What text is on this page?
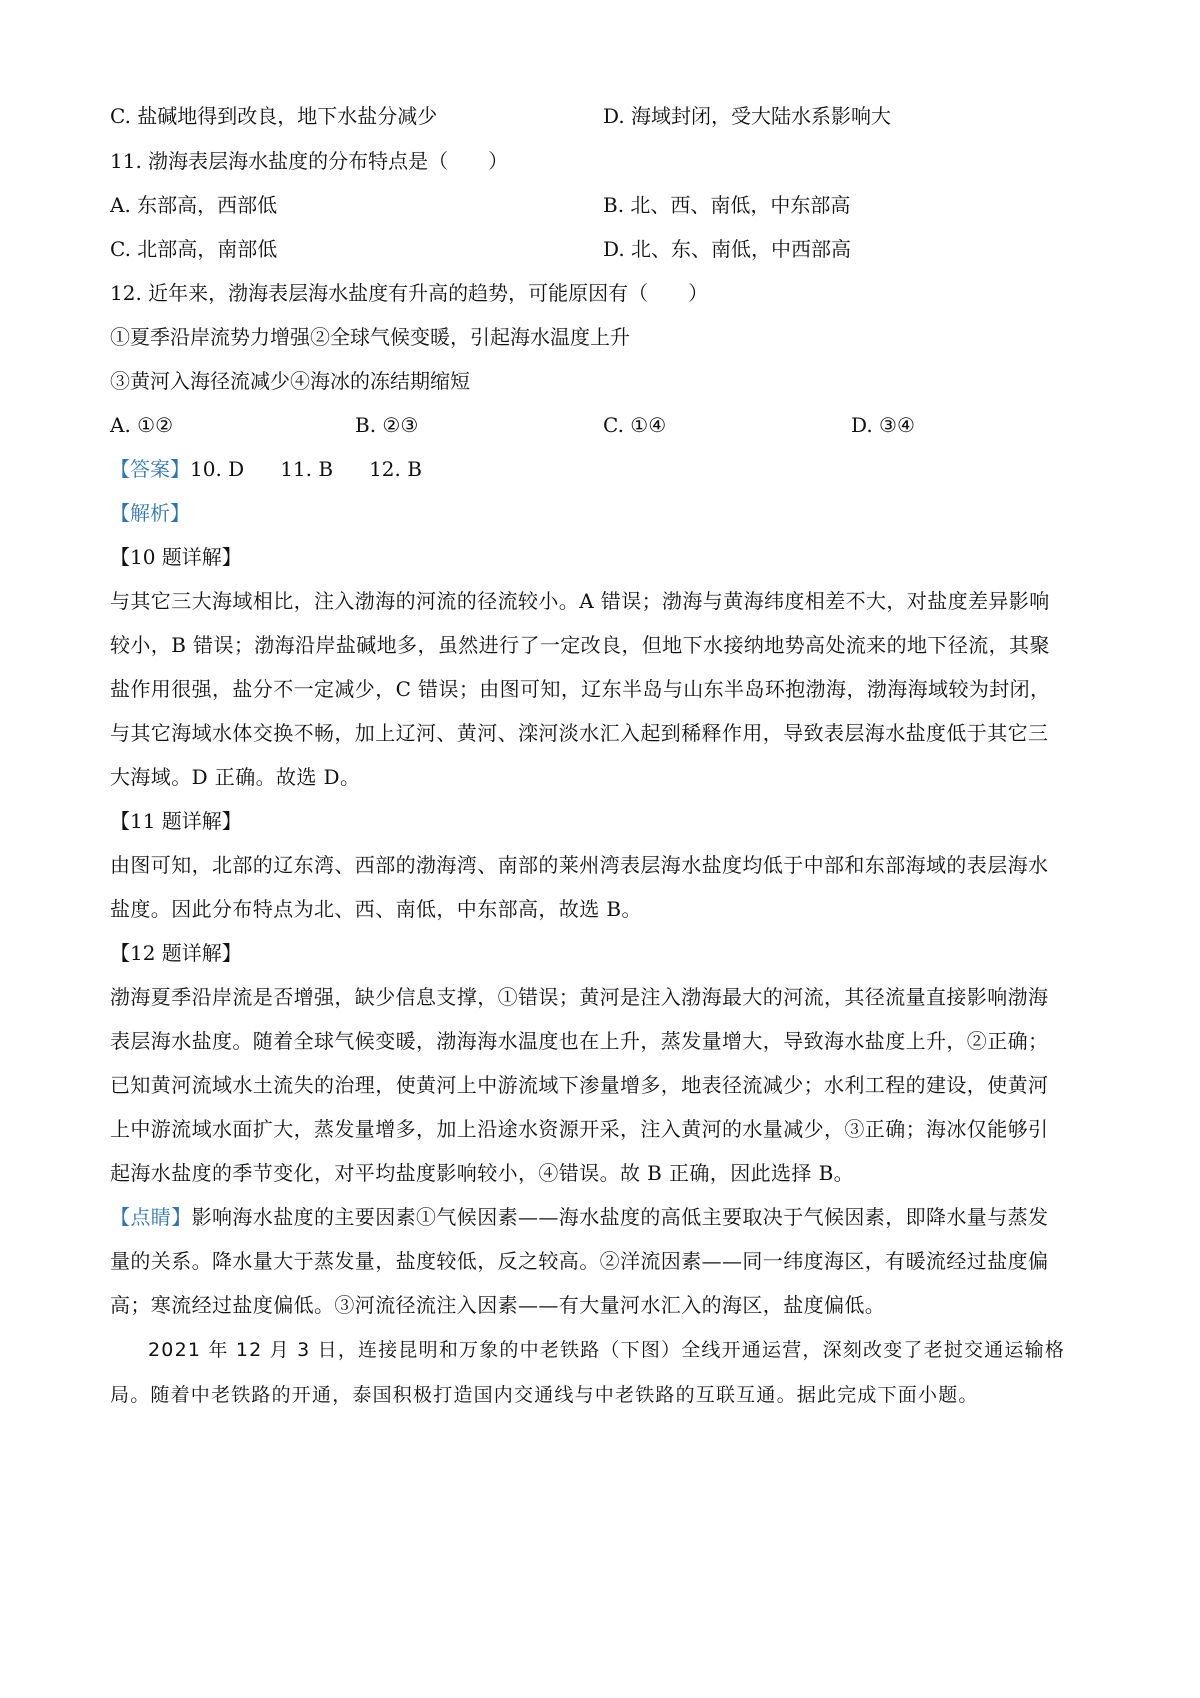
C. 盐碱地得到改良，地下水盐分减少	D. 海域封闭，受大陆水系影响大
11. 渤海表层海水盐度的分布特点是（　　）
A. 东部高，西部低	B. 北、西、南低，中东部高
C. 北部高，南部低	D. 北、东、南低，中西部高
12. 近年来，渤海表层海水盐度有升高的趋势，可能原因有（　　）
①夏季沿岸流势力增强②全球气候变暖，引起海水温度上升
③黄河入海径流减少④海冰的冻结期缩短
A. ①②	B. ②③	C. ①④	D. ③④
【答案】10. D 11. B 12. B
【解析】
【10 题详解】
与其它三大海域相比，注入渤海的河流的径流较小。A 错误；渤海与黄海纬度相差不大，对盐度差异影响
较小，B 错误；渤海沿岸盐碱地多，虽然进行了一定改良，但地下水接纳地势高处流来的地下径流，其聚
盐作用很强，盐分不一定减少，C 错误；由图可知，辽东半岛与山东半岛环抱渤海，渤海海域较为封闭，
与其它海域水体交换不畅，加上辽河、黄河、滦河淡水汇入起到稀释作用，导致表层海水盐度低于其它三
大海域。D 正确。故选 D。
【11 题详解】
由图可知，北部的辽东湾、西部的渤海湾、南部的莱州湾表层海水盐度均低于中部和东部海域的表层海水
盐度。因此分布特点为北、西、南低，中东部高，故选 B。
【12 题详解】
渤海夏季沿岸流是否增强，缺少信息支撑，①错误；黄河是注入渤海最大的河流，其径流量直接影响渤海
表层海水盐度。随着全球气候变暖，渤海海水温度也在上升，蒸发量增大，导致海水盐度上升，②正确；
已知黄河流域水土流失的治理，使黄河上中游流域下渗量增多，地表径流减少；水利工程的建设，使黄河
上中游流域水面扩大，蒸发量增多，加上沿途水资源开采，注入黄河的水量减少，③正确；海冰仅能够引
起海水盐度的季节变化，对平均盐度影响较小，④错误。故 B 正确，因此选择 B。
【点睛】影响海水盐度的主要因素①气候因素——海水盐度的高低主要取决于气候因素，即降水量与蒸发
量的关系。降水量大于蒸发量，盐度较低，反之较高。②洋流因素——同一纬度海区，有暖流经过盐度偏
高；寒流经过盐度偏低。③河流径流注入因素——有大量河水汇入的海区，盐度偏低。
2021 年 12 月 3 日，连接昆明和万象的中老铁路（下图）全线开通运营，深刻改变了老挝交通运输格
局。随着中老铁路的开通，泰国积极打造国内交通线与中老铁路的互联互通。据此完成下面小题。
